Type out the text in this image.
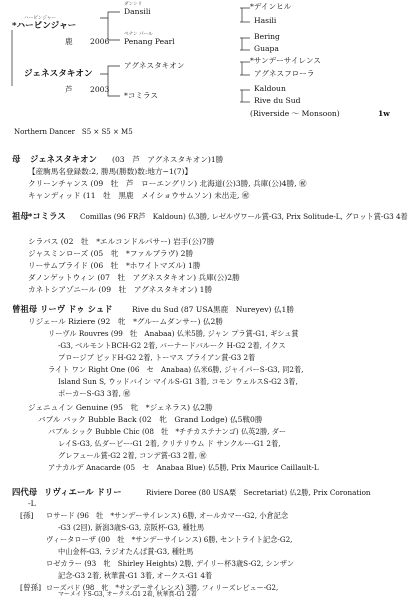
*ハービンジャー
ハービンジャー
鹿 2006
ダンシリ
Dansili
ペナン パール
Penang Pearl
*デインヒル
Hasili
Bering
Guapa
ジェネスタキオン
芦 2003
アグネスタキオン
*コミラス
*サンデーサイレンス
アグネスフローラ
Kaldoun
Rive du Sud
(Riverside ～ Monsoon)	1w
Northern Dancer　S5 × S5 × M5
母 ジェネスタキオン (03　芦　アグネスタキオン)1勝
【産駒馬名登録数:2, 勝馬(勝数)数:地方−1(7)】
クリーンチャンス (09　牡　芦　ローエングリン) 北海道(公)3勝, 兵庫(公)4勝, ㊗
キャンディッド (11　牡　黒鹿　メイショウサムソン) 未出走, ㊗
祖母 *コミラス Comillas (96 FR芦　Kaldoun) 仏3勝, レゼルヴワール賞-G3, Prix Solitude-L, グロット賞-G3 4着
シラバス (02　牡　*エルコンドルパサー) 岩手(公)7勝
ジャスミンローズ (05　牝　*ファルブラヴ) 2勝
リーサムブライド (06　牡　*ホワイトマズル) 1勝
ダノンゲットウィン (07　牡　アグネスタキオン) 兵庫(公)2勝
カネトシアゾニール (09　牡　アグネスタキオン) 1勝
曾祖母 リーヴ ドゥ シュド	Rive du Sud (87 USA黒鹿　Nureyev) 仏1勝
リジェール Riziere (92　牝　*グルームダンサー) 仏2勝
リーヴル Rouvres (99　牡　Anabaa) 仏米5勝, ジャン プラ賞-G1, ギシュ賞
-G3, ベルモントBCH-G2 2着, バーナードバルーク H-G2 2着, イクス
プロージブ ビッドH-G2 2着, トーマス ブライアン賞-G3 2着
ライト ワン Right One (06　セ　Anabaa) 仏米6勝, ジャイパーS-G3, 同2着,
Island Sun S, ウッドバイン マイルS-G1 3着, コモン ウェルスS-G2 3着,
ポーカーS-G3 3着, ㊗
ジェニュイン Genuine (95　牝　*ジェネラス) 仏2勝
バブル バック Bubble Back (02　牝　Grand Lodge) 仏5戦0勝
バブル シック Bubble Chic (08　牡　*チチカステナンゴ) 仏英2勝, ダー
レイS-G3, 仏ダービー-G1 2着, クリテリウム ド サンクルー-G1 2着,
グレフュール賞-G2 2着, コンデ賞-G3 2着, ㊗
アナカルデ Anacarde (05　セ　Anabaa Blue) 仏5勝, Prix Maurice Caillault-L
四代母 リヴィエール ドリー	Riviere Doree (80 USA栗　Secretariat) 仏2勝, Prix Coronation
-L
[孫] ロサード (96　牡　*サンデーサイレンス) 6勝, オールカマー-G2, 小倉記念
-G3 (2回), 新潟3歳S-G3, 京阪杯-G3, 種牡馬
ヴィータローザ (00　牡　*サンデーサイレンス) 6勝, セントライト記念-G2,
中山金杯-G3, ラジオたんぱ賞-G3, 種牡馬
ロゼカラー (93　牝　Shirley Heights) 2勝, デイリー杯3歳S-G2, シンザン
記念-G3 2着, 秋華賞-G1 3着, オークス-G1 4着
[曾孫] ローズバド (98　牝　*サンデーサイレンス) 3勝, フィリーズレビュー-G2,
マーメイドS-G3, オークス-G1 2着, 秋華賞-G1 2着
